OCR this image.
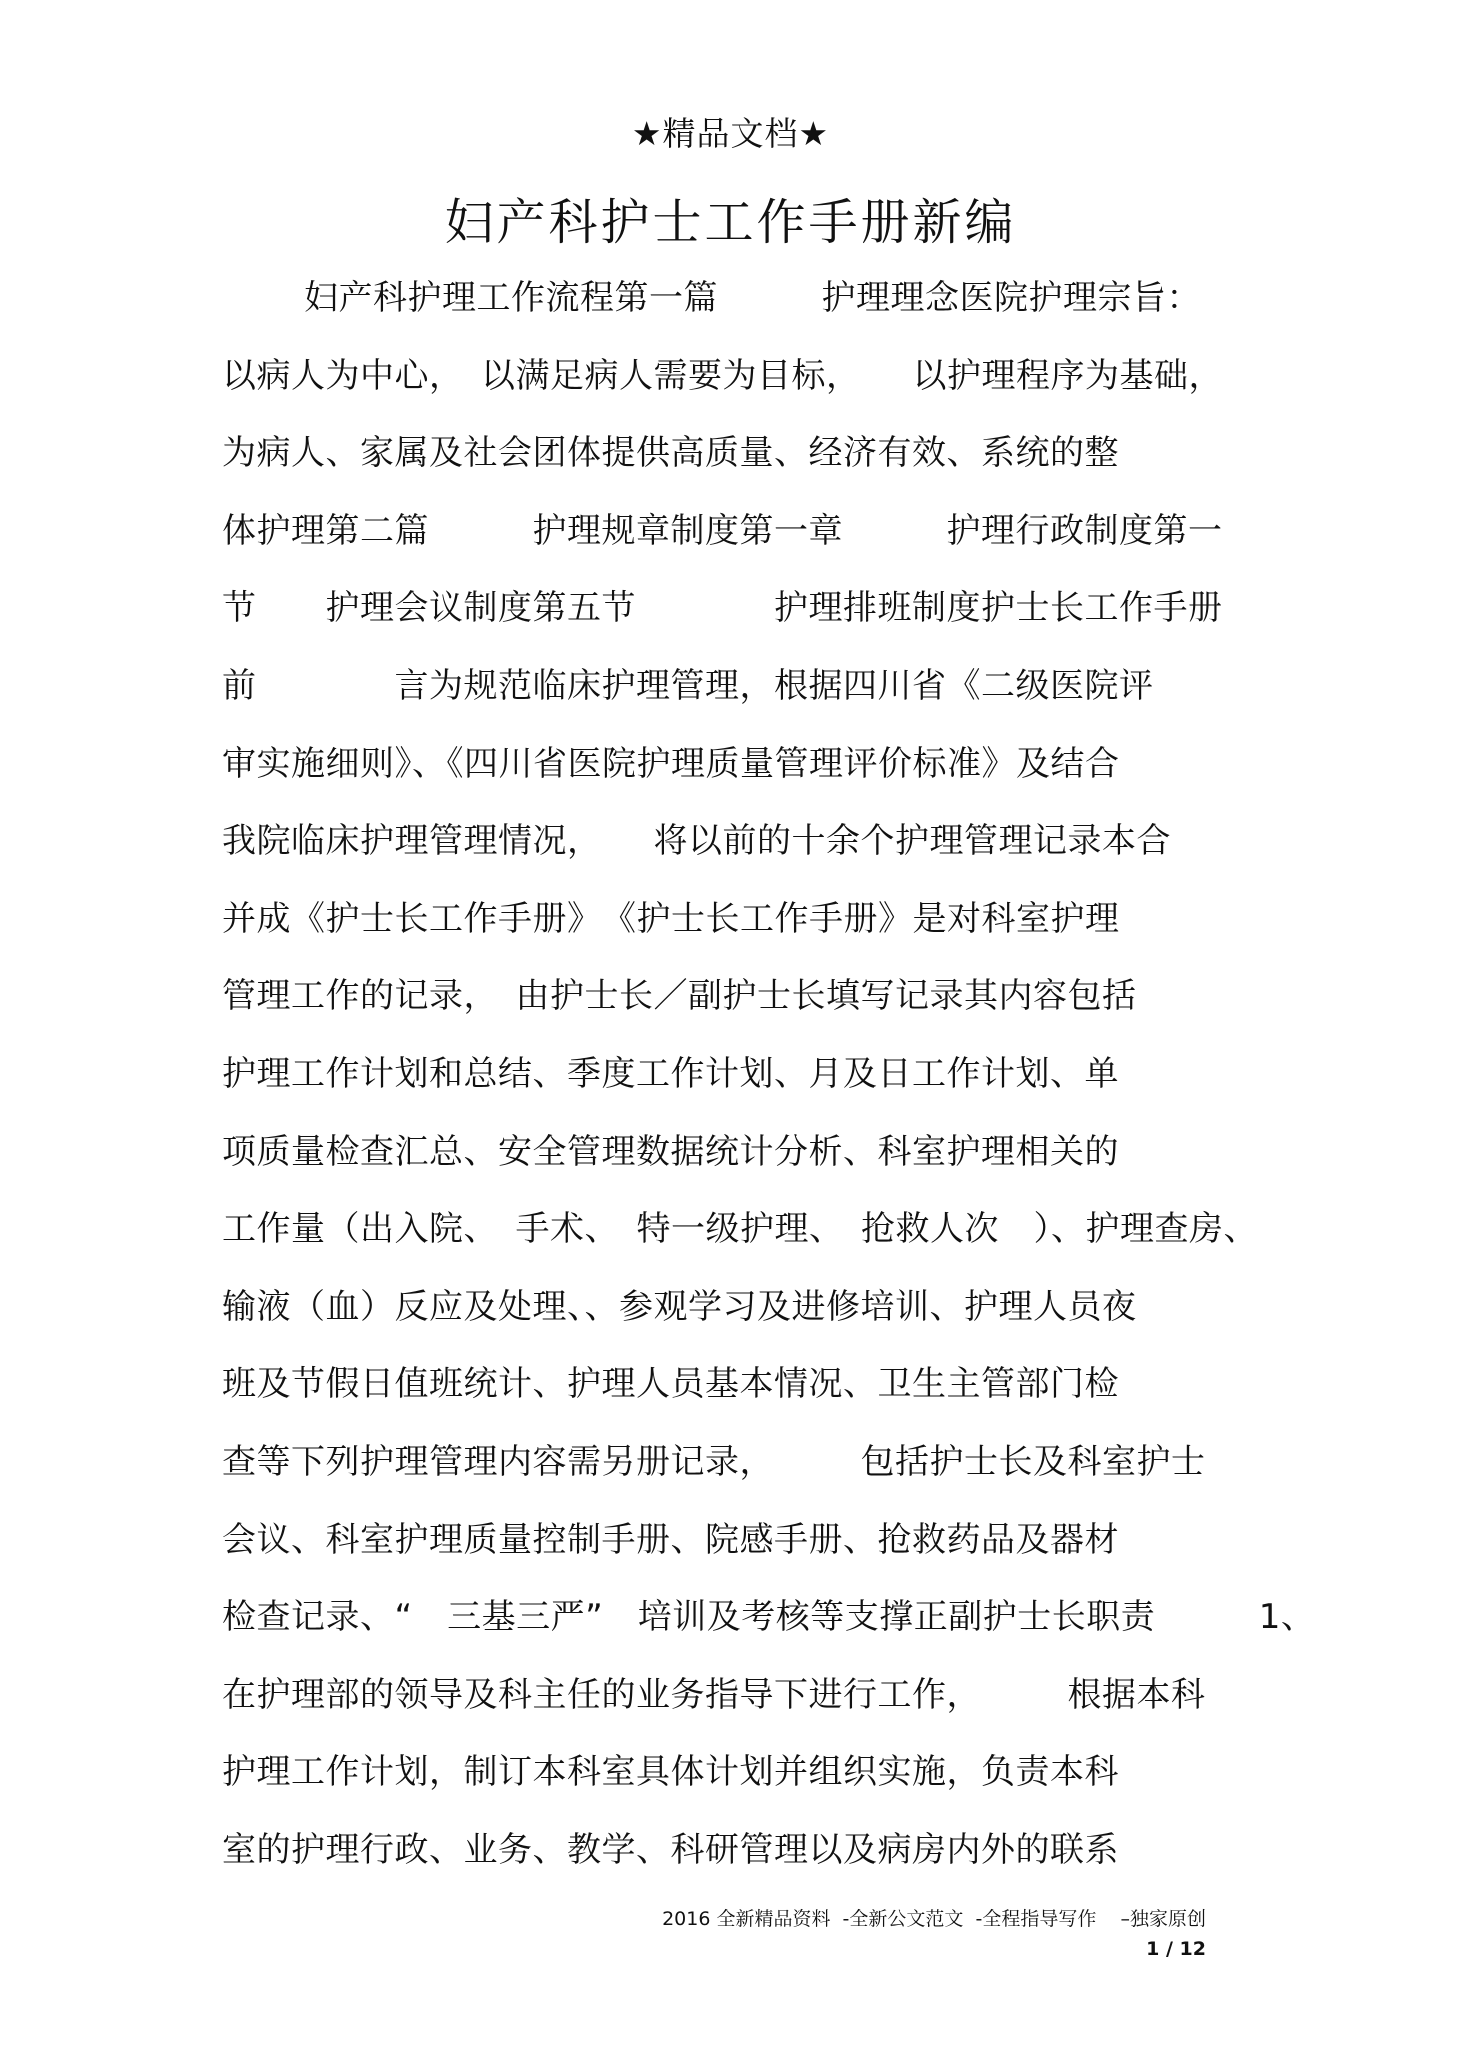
★精品文档★
妇产科护士工作手册新编
妇产科护理工作流程第一篇　　　护理理念医院护理宗旨：
以病人为中心，　以满足病人需要为目标，　　以护理程序为基础，
为病人、家属及社会团体提供高质量、经济有效、系统的整
体护理第二篇　　　护理规章制度第一章　　　护理行政制度第一
节　　护理会议制度第五节　　　　护理排班制度护士长工作手册
前　　　　言为规范临床护理管理，根据四川省《二级医院评
审实施细则》、《四川省医院护理质量管理评价标准》及结合
我院临床护理管理情况，　　将以前的十余个护理管理记录本合
并成《护士长工作手册》　《护士长工作手册》是对科室护理
管理工作的记录，　由护士长／副护士长填写记录其内容包括
护理工作计划和总结、季度工作计划、月及日工作计划、单
项质量检查汇总、安全管理数据统计分析、科室护理相关的
工作量（出入院、　手术、　特一级护理、　抢救人次　）、护理查房、
输液（血）反应及处理、、参观学习及进修培训、护理人员夜
班及节假日值班统计、护理人员基本情况、卫生主管部门检
查等下列护理管理内容需另册记录，　　　包括护士长及科室护士
会议、科室护理质量控制手册、院感手册、抢救药品及器材
检查记录、“　三基三严”　培训及考核等支撑正副护士长职责　　　1、
在护理部的领导及科主任的业务指导下进行工作，　　　根据本科
护理工作计划，制订本科室具体计划并组织实施，负责本科
室的护理行政、业务、教学、科研管理以及病房内外的联系
2016 全新精品资料  -全新公文范文  -全程指导写作    –独家原创
1 / 12
